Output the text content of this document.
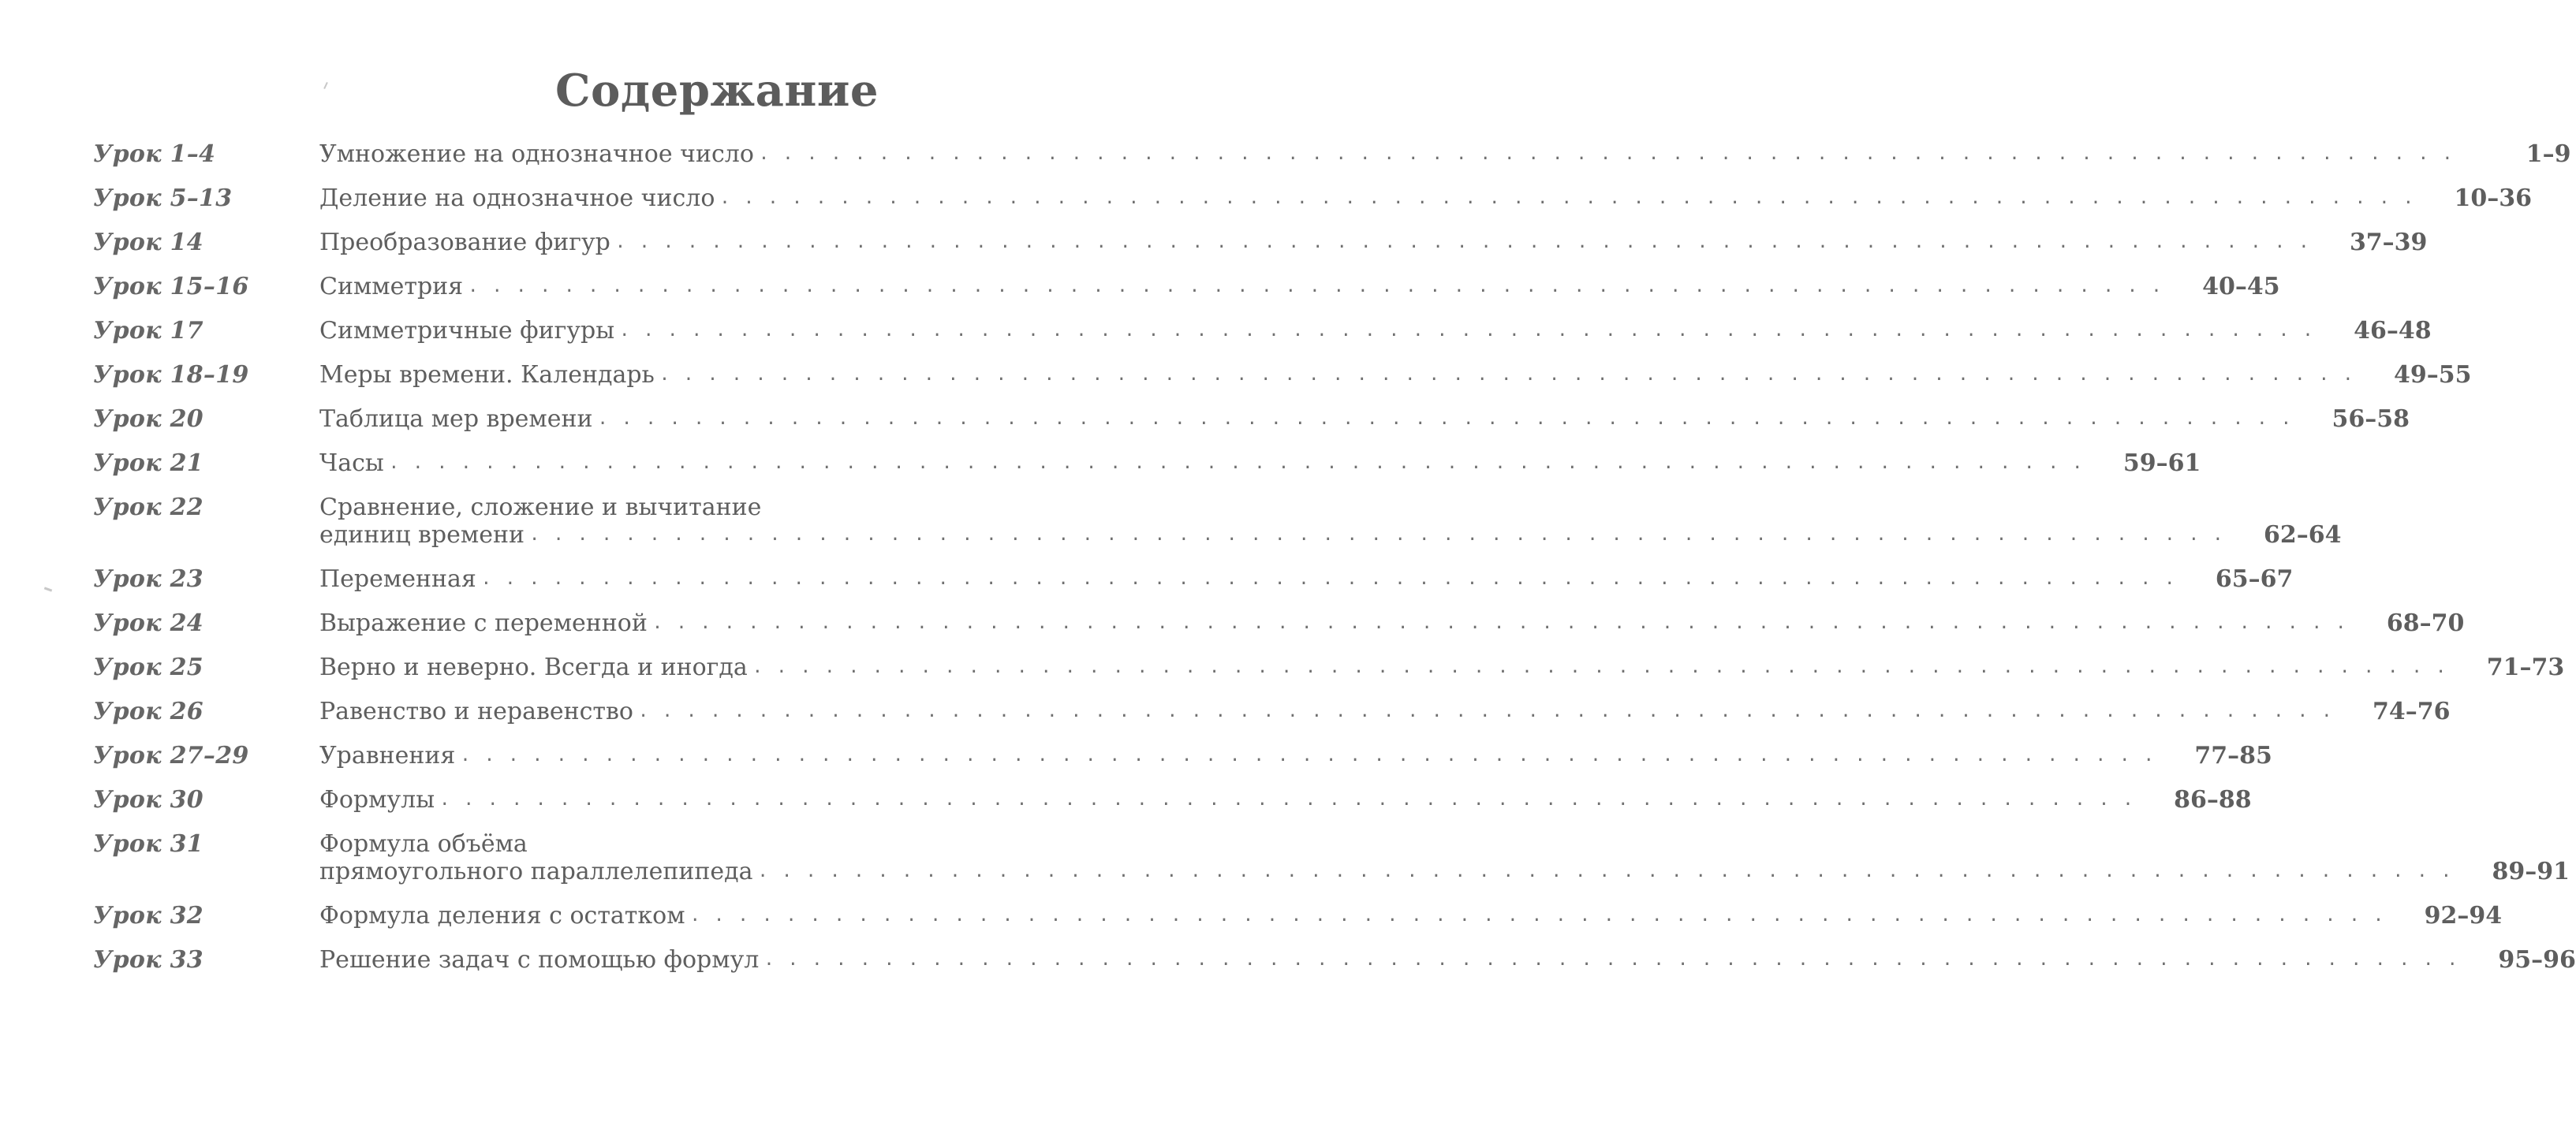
Содержание
Урок 1–4	Умножение на однозначное число . . . . . . . . . . . . . . . . . . . . . . . . . . . . . . . . . . . . . . . . . . . . . . . . . . . . . . . . . . . . . . . . . . . . . . .	1–9
Урок 5–13	Деление на однозначное число . . . . . . . . . . . . . . . . . . . . . . . . . . . . . . . . . . . . . . . . . . . . . . . . . . . . . . . . . . . . . . . . . . . . . . .	10–36
Урок 14	Преобразование фигур . . . . . . . . . . . . . . . . . . . . . . . . . . . . . . . . . . . . . . . . . . . . . . . . . . . . . . . . . . . . . . . . . . . . . . .	37–39
Урок 15–16	Симметрия . . . . . . . . . . . . . . . . . . . . . . . . . . . . . . . . . . . . . . . . . . . . . . . . . . . . . . . . . . . . . . . . . . . . . . .	40–45
Урок 17	Симметричные фигуры . . . . . . . . . . . . . . . . . . . . . . . . . . . . . . . . . . . . . . . . . . . . . . . . . . . . . . . . . . . . . . . . . . . . . . .	46–48
Урок 18–19	Меры времени. Календарь . . . . . . . . . . . . . . . . . . . . . . . . . . . . . . . . . . . . . . . . . . . . . . . . . . . . . . . . . . . . . . . . . . . . . . .	49–55
Урок 20	Таблица мер времени . . . . . . . . . . . . . . . . . . . . . . . . . . . . . . . . . . . . . . . . . . . . . . . . . . . . . . . . . . . . . . . . . . . . . . .	56–58
Урок 21	Часы . . . . . . . . . . . . . . . . . . . . . . . . . . . . . . . . . . . . . . . . . . . . . . . . . . . . . . . . . . . . . . . . . . . . . . .	59–61
Урок 22	Сравнение, сложение и вычитание
единиц времени . . . . . . . . . . . . . . . . . . . . . . . . . . . . . . . . . . . . . . . . . . . . . . . . . . . . . . . . . . . . . . . . . . . . . . .	62–64
Урок 23	Переменная . . . . . . . . . . . . . . . . . . . . . . . . . . . . . . . . . . . . . . . . . . . . . . . . . . . . . . . . . . . . . . . . . . . . . . .	65–67
Урок 24	Выражение с переменной . . . . . . . . . . . . . . . . . . . . . . . . . . . . . . . . . . . . . . . . . . . . . . . . . . . . . . . . . . . . . . . . . . . . . . .	68–70
Урок 25	Верно и неверно. Всегда и иногда . . . . . . . . . . . . . . . . . . . . . . . . . . . . . . . . . . . . . . . . . . . . . . . . . . . . . . . . . . . . . . . . . . . . . . .	71–73
Урок 26	Равенство и неравенство . . . . . . . . . . . . . . . . . . . . . . . . . . . . . . . . . . . . . . . . . . . . . . . . . . . . . . . . . . . . . . . . . . . . . . .	74–76
Урок 27–29	Уравнения . . . . . . . . . . . . . . . . . . . . . . . . . . . . . . . . . . . . . . . . . . . . . . . . . . . . . . . . . . . . . . . . . . . . . . .	77–85
Урок 30	Формулы . . . . . . . . . . . . . . . . . . . . . . . . . . . . . . . . . . . . . . . . . . . . . . . . . . . . . . . . . . . . . . . . . . . . . . .	86–88
Урок 31	Формула объёма
прямоугольного параллелепипеда . . . . . . . . . . . . . . . . . . . . . . . . . . . . . . . . . . . . . . . . . . . . . . . . . . . . . . . . . . . . . . . . . . . . . . .	89–91
Урок 32	Формула деления с остатком . . . . . . . . . . . . . . . . . . . . . . . . . . . . . . . . . . . . . . . . . . . . . . . . . . . . . . . . . . . . . . . . . . . . . . .	92–94
Урок 33	Решение задач с помощью формул . . . . . . . . . . . . . . . . . . . . . . . . . . . . . . . . . . . . . . . . . . . . . . . . . . . . . . . . . . . . . . . . . . . . . . .	95–96
